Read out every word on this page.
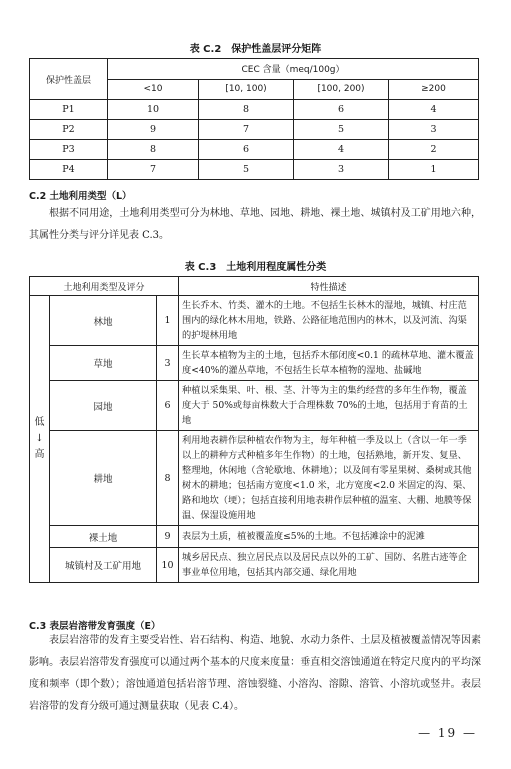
表 C.2　保护性盖层评分矩阵
保护性盖层	CEC 含量（meq/100g）			
	<10	[10, 100)	[100, 200)	≥200
P1	10	8	6	4
P2	9	7	5	3
P3	8	6	4	2
P4	7	5	3	1
C.2 土地利用类型（L）

根据不同用途，土地利用类型可分为林地、草地、园地、耕地、裸土地、城镇村及工矿用地六种，其属性分类与评分详见表 C.3。

表 C.3　土地利用程度属性分类
土地利用类型及评分			特性描述
低
↓
高	林地	1	生长乔木、竹类、灌木的土地。不包括生长林木的湿地，城镇、村庄范围内的绿化林木用地，铁路、公路征地范围内的林木，以及河流、沟渠的护堤林用地
	草地	3	生长草本植物为主的土地，包括乔木郁闭度<0.1 的疏林草地、灌木覆盖度<40%的灌丛草地，不包括生长草本植物的湿地、盐碱地
	园地	6	种植以采集果、叶、根、茎、汁等为主的集约经营的多年生作物，覆盖度大于 50%或每亩株数大于合理株数 70%的土地，包括用于育苗的土地
	耕地	8	利用地表耕作层种植农作物为主，每年种植一季及以上（含以一年一季以上的耕种方式种植多年生作物）的土地，包括熟地，新开发、复垦、整理地，休闲地（含轮歇地、休耕地）；以及间有零星果树、桑树或其他树木的耕地；包括南方宽度<1.0 米，北方宽度<2.0 米固定的沟、渠、路和地坎（埂）；包括直接利用地表耕作层种植的温室、大棚、地膜等保温、保湿设施用地
	裸土地	9	表层为土质，植被覆盖度≤5%的土地。不包括滩涂中的泥滩
	城镇村及工矿用地	10	城乡居民点、独立居民点以及居民点以外的工矿、国防、名胜古迹等企事业单位用地，包括其内部交通、绿化用地
C.3 表层岩溶带发育强度（E）

表层岩溶带的发育主要受岩性、岩石结构、构造、地貌、水动力条件、土层及植被覆盖情况等因素影响。表层岩溶带发育强度可以通过两个基本的尺度来度量：垂直相交溶蚀通道在特定尺度内的平均深度和频率（即个数）；溶蚀通道包括岩溶节理、溶蚀裂缝、小溶沟、溶隙、溶管、小溶坑或竖井。表层岩溶带的发育分级可通过测量获取（见表 C.4）。

— 19 —
